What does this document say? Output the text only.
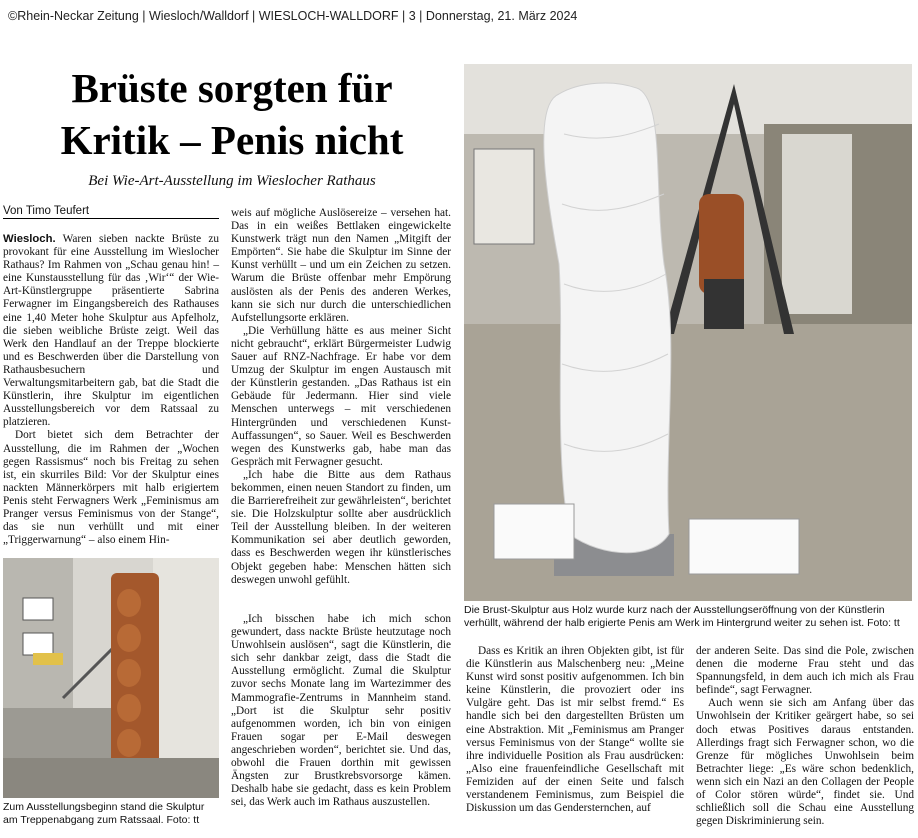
©Rhein-Neckar Zeitung | Wiesloch/Walldorf | WIESLOCH-WALLDORF | 3 | Donnerstag, 21. März 2024
Brüste sorgten für
Kritik – Penis nicht
Bei Wie-Art-Ausstellung im Wieslocher Rathaus
Von Timo Teufert

Wiesloch. Waren sieben nackte Brüste zu provokant für eine Ausstellung im Wieslocher Rathaus? Im Rahmen von „Schau genau hin! – eine Kunstausstellung für das ‚Wir‘“ der Wie-Art-Künstlergruppe präsentierte Sabrina Ferwagner im Eingangsbereich des Rathauses eine 1,40 Meter hohe Skulptur aus Apfelholz, die sieben weibliche Brüste zeigt. Weil das Werk den Handlauf an der Treppe blockierte und es Beschwerden über die Darstellung von Rathausbesuchern und Verwaltungsmitarbeitern gab, bat die Stadt die Künstlerin, ihre Skulptur im eigentlichen Ausstellungsbereich vor dem Ratssaal zu platzieren.

Dort bietet sich dem Betrachter der Ausstellung, die im Rahmen der „Wochen gegen Rassismus“ noch bis Freitag zu sehen ist, ein skurriles Bild: Vor der Skulptur eines nackten Männerkörpers mit halb erigiertem Penis steht Ferwagners Werk „Feminismus am Pranger versus Feminismus von der Stange“, das sie nun verhüllt und mit einer „Triggerwarnung“ – also einem Hin-

weis auf mögliche Auslösereize – versehen hat. Das in ein weißes Bettlaken eingewickelte Kunstwerk trägt nun den Namen „Mitgift der Empörten“. Sie habe die Skulptur im Sinne der Kunst verhüllt – und um ein Zeichen zu setzen. Warum die Brüste offenbar mehr Empörung auslösten als der Penis des anderen Werkes, kann sie sich nur durch die unterschiedlichen Aufstellungsorte erklären.

„Die Verhüllung hätte es aus meiner Sicht nicht gebraucht“, erklärt Bürgermeister Ludwig Sauer auf RNZ-Nachfrage. Er habe vor dem Umzug der Skulptur im engen Austausch mit der Künstlerin gestanden. „Das Rathaus ist ein Gebäude für Jedermann. Hier sind viele Menschen unterwegs – mit verschiedenen Hintergründen und verschiedenen Kunst-Auffassungen“, so Sauer. Weil es Beschwerden wegen des Kunstwerks gab, habe man das Gespräch mit Ferwagner gesucht.

„Ich habe die Bitte aus dem Rathaus bekommen, einen neuen Standort zu finden, um die Barrierefreiheit zur gewährleisten“, berichtet sie. Die Holzskulptur sollte aber ausdrücklich Teil der Ausstellung bleiben. In der weiteren Kommunikation sei aber deutlich geworden, dass es Beschwerden wegen ihr künstlerisches Objekt gegeben habe: Menschen hätten sich deswegen unwohl gefühlt.

„Ich bisschen habe ich mich schon gewundert, dass nackte Brüste heutzutage noch Unwohlsein auslösen“, sagt die Künstlerin, die sich sehr dankbar zeigt, dass die Stadt die Ausstellung ermöglicht. Zumal die Skulptur zuvor sechs Monate lang im Wartezimmer des Mammografie-Zentrums in Mannheim stand. „Dort ist die Skulptur sehr positiv aufgenommen worden, ich bin von einigen Frauen sogar per E-Mail deswegen angeschrieben worden“, berichtet sie. Und das, obwohl die Frauen dorthin mit gewissen Ängsten zur Brustkrebsvorsorge kämen. Deshalb habe sie gedacht, dass es kein Problem sei, das Werk auch im Rathaus auszustellen.

Dass es Kritik an ihren Objekten gibt, ist für die Künstlerin aus Malschenberg neu: „Meine Kunst wird sonst positiv aufgenommen. Ich bin keine Künstlerin, die provoziert oder ins Vulgäre geht. Das ist mir selbst fremd.“ Es handle sich bei den dargestellten Brüsten um eine Abstraktion. Mit „Feminismus am Pranger versus Feminismus von der Stange“ wollte sie ihre individuelle Position als Frau ausdrücken: „Also eine frauenfeindliche Gesellschaft mit Femiziden auf der einen Seite und falsch verstandenem Feminismus, zum Beispiel die Diskussion um das Gendersternchen, auf

der anderen Seite. Das sind die Pole, zwischen denen die moderne Frau steht und das Spannungsfeld, in dem auch ich mich als Frau befinde“, sagt Ferwagner.

Auch wenn sie sich am Anfang über das Unwohlsein der Kritiker geärgert habe, so sei doch etwas Positives daraus entstanden. Allerdings fragt sich Ferwagner schon, wo die Grenze für mögliches Unwohlsein beim Betrachter liege: „Es wäre schon bedenklich, wenn sich ein Nazi an den Collagen der People of Color stören würde“, findet sie. Und schließlich soll die Schau eine Ausstellung gegen Diskriminierung sein.

Zum Ausstellungsbeginn stand die Skulptur am Treppenabgang zum Ratssaal. Foto: tt
Die Brust-Skulptur aus Holz wurde kurz nach der Ausstellungseröffnung von der Künstlerin verhüllt, während der halb erigierte Penis am Werk im Hintergrund weiter zu sehen ist. Foto: tt
